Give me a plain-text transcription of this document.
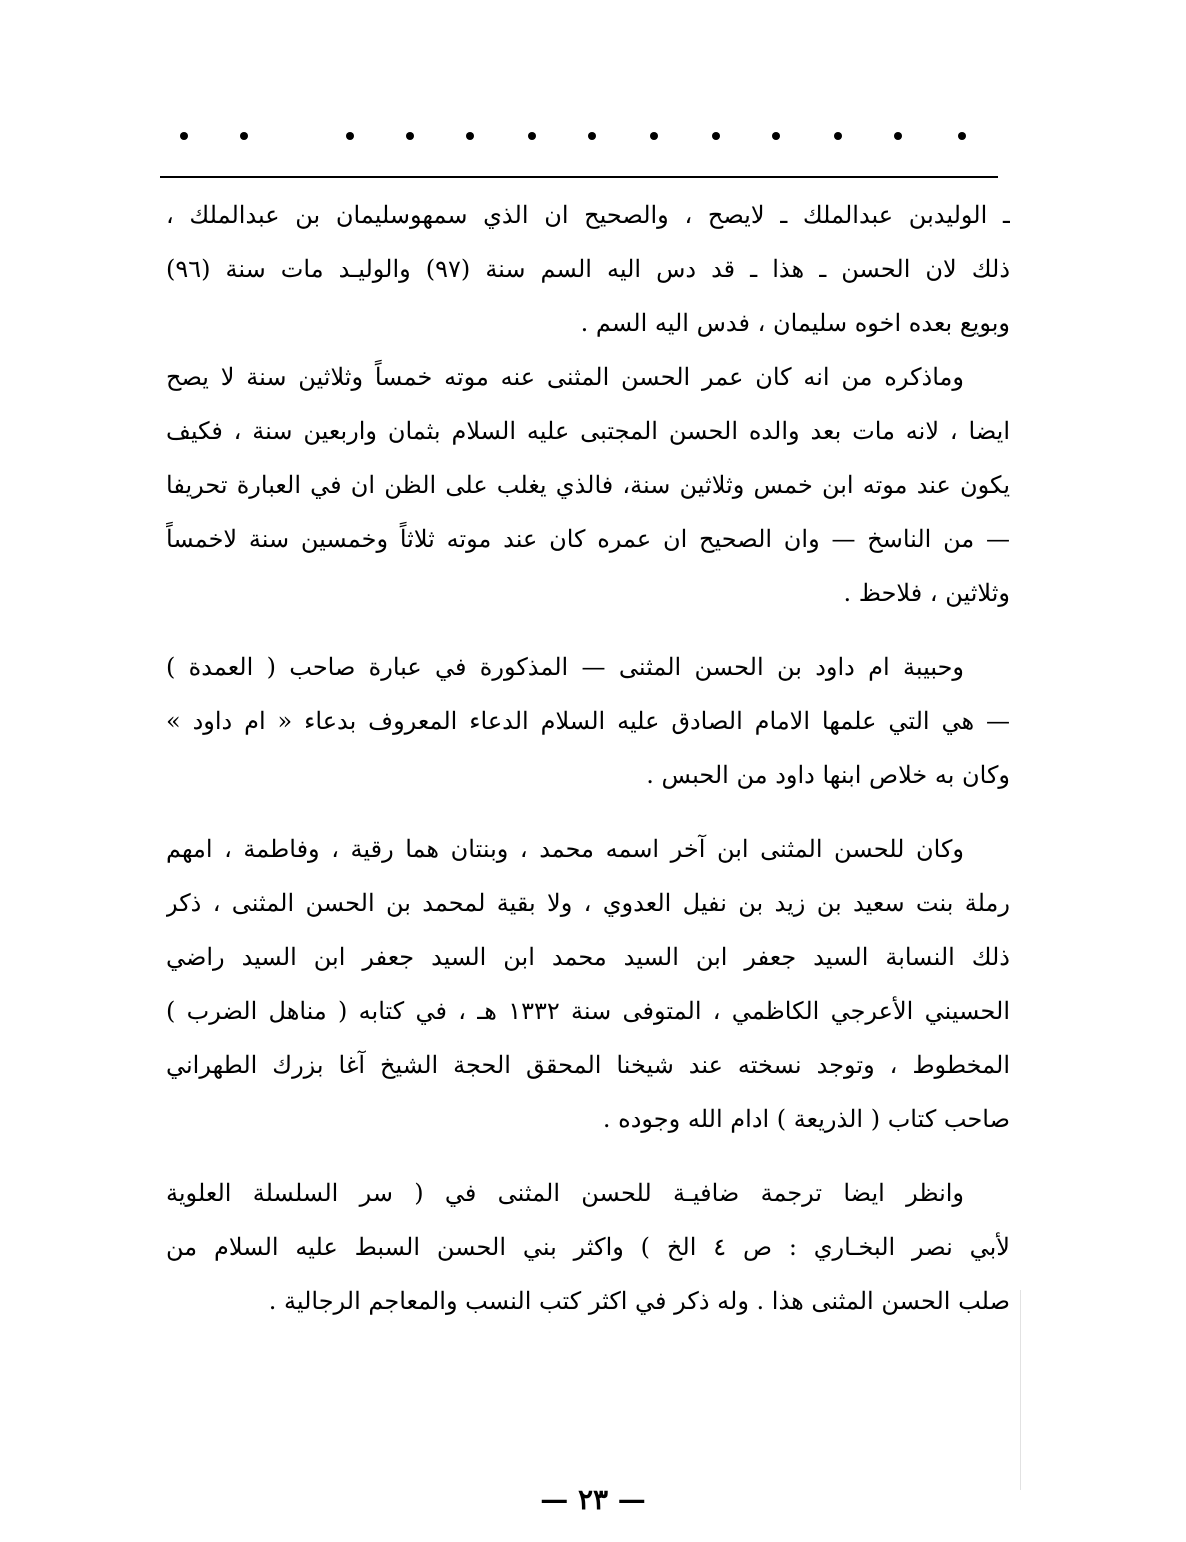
ـ الوليدبن عبدالملك ـ لايصح ، والصحيح ان الذي سمهوسليمان بن عبدالملك ،
ذلك لان الحسن ـ هذا ـ قد دس اليه السم سنة (٩٧) والوليـد مات سنة (٩٦)
وبويع بعده اخوه سليمان ، فدس اليه السم .
وماذكره من انه كان عمر الحسن المثنى عنه موته خمساً وثلاثين سنة لا يصح
ايضا ، لانه مات بعد والده الحسن المجتبى عليه السلام بثمان واربعين سنة ، فكيف
يكون عند موته ابن خمس وثلاثين سنة، فالذي يغلب على الظن ان في العبارة تحريفا
— من الناسخ — وان الصحيح ان عمره كان عند موته ثلاثاً وخمسين سنة لاخمساً
وثلاثين ، فلاحظ .
وحبيبة ام داود بن الحسن المثنى — المذكورة في عبارة صاحب ( العمدة )
— هي التي علمها الامام الصادق عليه السلام الدعاء المعروف بدعاء « ام داود »
وكان به خلاص ابنها داود من الحبس .
وكان للحسن المثنى ابن آخر اسمه محمد ، وبنتان هما رقية ، وفاطمة ، امهم
رملة بنت سعيد بن زيد بن نفيل العدوي ، ولا بقية لمحمد بن الحسن المثنى ، ذكر
ذلك النسابة السيد جعفر ابن السيد محمد ابن السيد جعفر ابن السيد راضي
الحسيني الأعرجي الكاظمي ، المتوفى سنة ١٣٣٢ هـ ، في كتابه ( مناهل الضرب )
المخطوط ، وتوجد نسخته عند شيخنا المحقق الحجة الشيخ آغا بزرك الطهراني
صاحب كتاب ( الذريعة ) ادام الله وجوده .
وانظر ايضا ترجمة ضافيـة للحسن المثنى في ( سر السلسلة العلوية
لأبي نصر البخـاري : ص ٤ الخ ) واكثر بني الحسن السبط عليه السلام من
صلب الحسن المثنى هذا . وله ذكر في اكثر كتب النسب والمعاجم الرجالية .
— ٢٣ —
